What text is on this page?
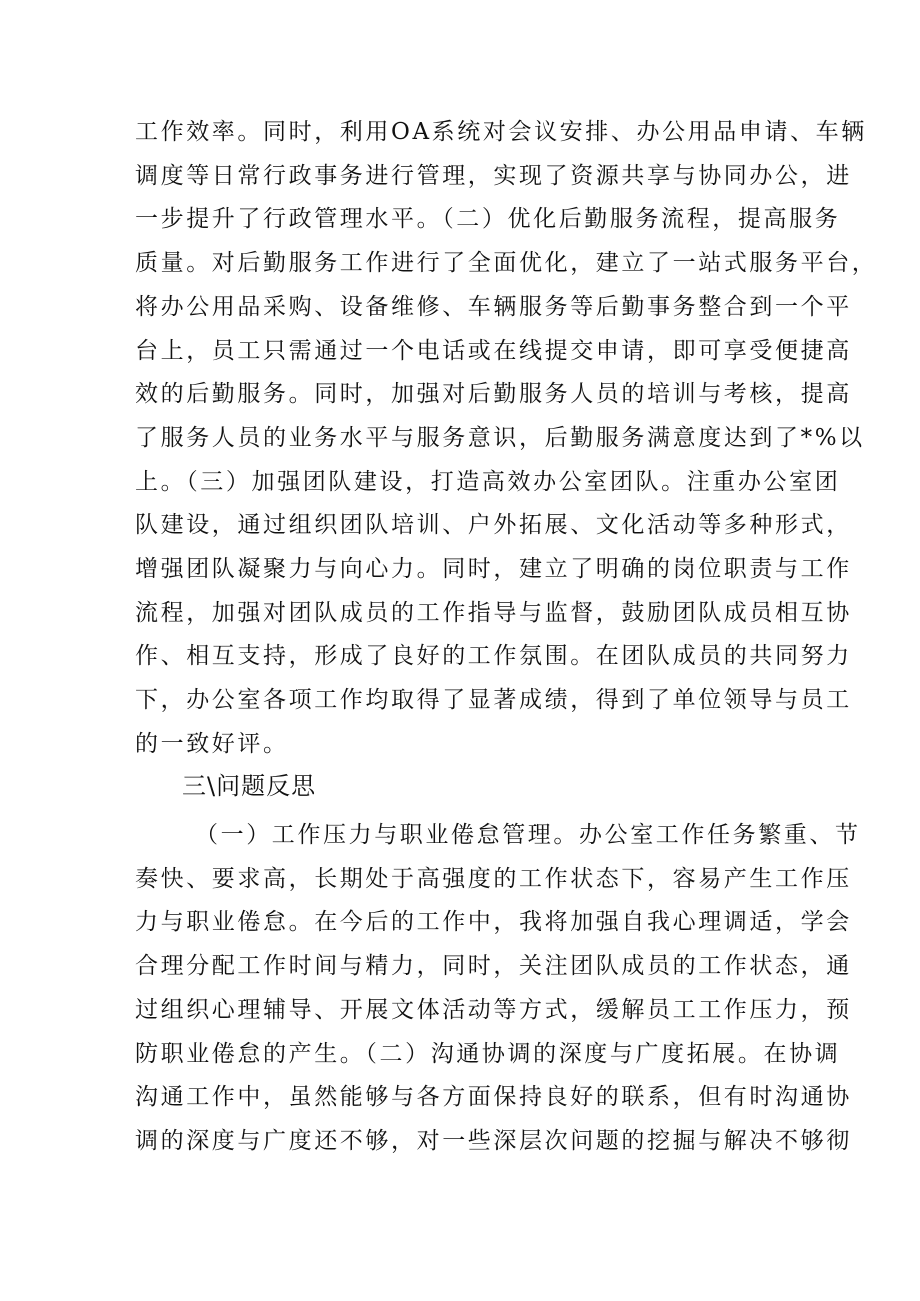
工作效率。同时，利用OA系统对会议安排、办公用品申请、车辆
调度等日常行政事务进行管理，实现了资源共享与协同办公，进
一步提升了行政管理水平。（二）优化后勤服务流程，提高服务
质量。对后勤服务工作进行了全面优化，建立了一站式服务平台，
将办公用品采购、设备维修、车辆服务等后勤事务整合到一个平
台上，员工只需通过一个电话或在线提交申请，即可享受便捷高
效的后勤服务。同时，加强对后勤服务人员的培训与考核，提高
了服务人员的业务水平与服务意识，后勤服务满意度达到了*%以
上。（三）加强团队建设，打造高效办公室团队。注重办公室团
队建设，通过组织团队培训、户外拓展、文化活动等多种形式，
增强团队凝聚力与向心力。同时，建立了明确的岗位职责与工作
流程，加强对团队成员的工作指导与监督，鼓励团队成员相互协
作、相互支持，形成了良好的工作氛围。在团队成员的共同努力
下，办公室各项工作均取得了显著成绩，得到了单位领导与员工
的一致好评。
三\问题反思
（一）工作压力与职业倦怠管理。办公室工作任务繁重、节
奏快、要求高，长期处于高强度的工作状态下，容易产生工作压
力与职业倦怠。在今后的工作中，我将加强自我心理调适，学会
合理分配工作时间与精力，同时，关注团队成员的工作状态，通
过组织心理辅导、开展文体活动等方式，缓解员工工作压力，预
防职业倦怠的产生。（二）沟通协调的深度与广度拓展。在协调
沟通工作中，虽然能够与各方面保持良好的联系，但有时沟通协
调的深度与广度还不够，对一些深层次问题的挖掘与解决不够彻
